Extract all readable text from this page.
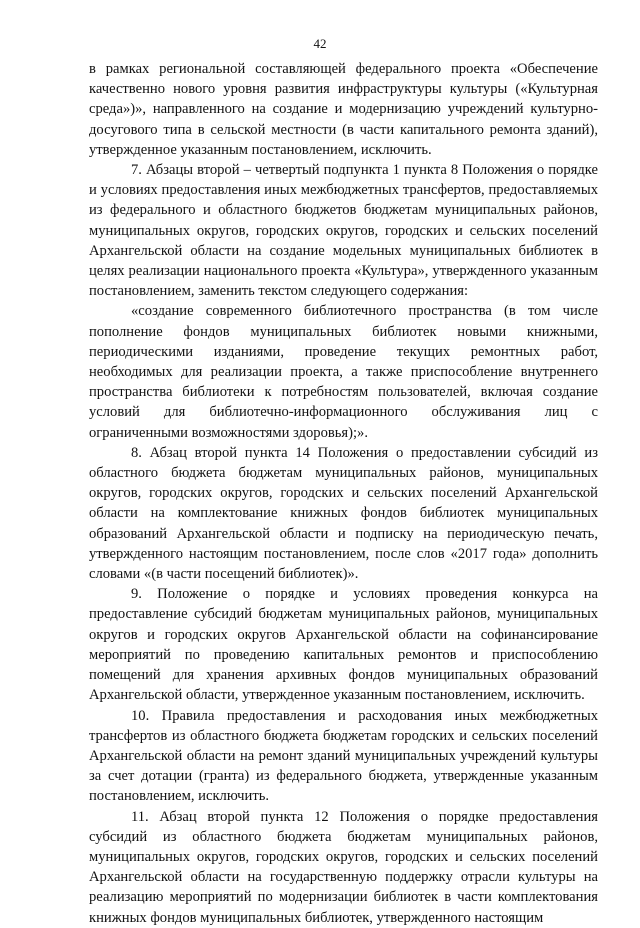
42

в рамках региональной составляющей федерального проекта «Обеспечение качественно нового уровня развития инфраструктуры культуры («Культурная среда»)», направленного на создание и модернизацию учреждений культурно-досугового типа в сельской местности (в части капитального ремонта зданий), утвержденное указанным постановлением, исключить.

7. Абзацы второй – четвертый подпункта 1 пункта 8 Положения о порядке и условиях предоставления иных межбюджетных трансфертов, предоставляемых из федерального и областного бюджетов бюджетам муниципальных районов, муниципальных округов, городских округов, городских и сельских поселений Архангельской области на создание модельных муниципальных библиотек в целях реализации национального проекта «Культура», утвержденного указанным постановлением, заменить текстом следующего содержания:

«создание современного библиотечного пространства (в том числе пополнение фондов муниципальных библиотек новыми книжными, периодическими изданиями, проведение текущих ремонтных работ, необходимых для реализации проекта, а также приспособление внутреннего пространства библиотеки к потребностям пользователей, включая создание условий для библиотечно-информационного обслуживания лиц с ограниченными возможностями здоровья);».

8. Абзац второй пункта 14 Положения о предоставлении субсидий из областного бюджета бюджетам муниципальных районов, муниципальных округов, городских округов, городских и сельских поселений Архангельской области на комплектование книжных фондов библиотек муниципальных образований Архангельской области и подписку на периодическую печать, утвержденного настоящим постановлением, после слов «2017 года» дополнить словами «(в части посещений библиотек)».

9. Положение о порядке и условиях проведения конкурса на предоставление субсидий бюджетам муниципальных районов, муниципальных округов и городских округов Архангельской области на софинансирование мероприятий по проведению капитальных ремонтов и приспособлению помещений для хранения архивных фондов муниципальных образований Архангельской области, утвержденное указанным постановлением, исключить.

10. Правила предоставления и расходования иных межбюджетных трансфертов из областного бюджета бюджетам городских и сельских поселений Архангельской области на ремонт зданий муниципальных учреждений культуры за счет дотации (гранта) из федерального бюджета, утвержденные указанным постановлением, исключить.

11. Абзац второй пункта 12 Положения о порядке предоставления субсидий из областного бюджета бюджетам муниципальных районов, муниципальных округов, городских округов, городских и сельских поселений Архангельской области на государственную поддержку отрасли культуры на реализацию мероприятий по модернизации библиотек в части комплектования книжных фондов муниципальных библиотек, утвержденного настоящим
